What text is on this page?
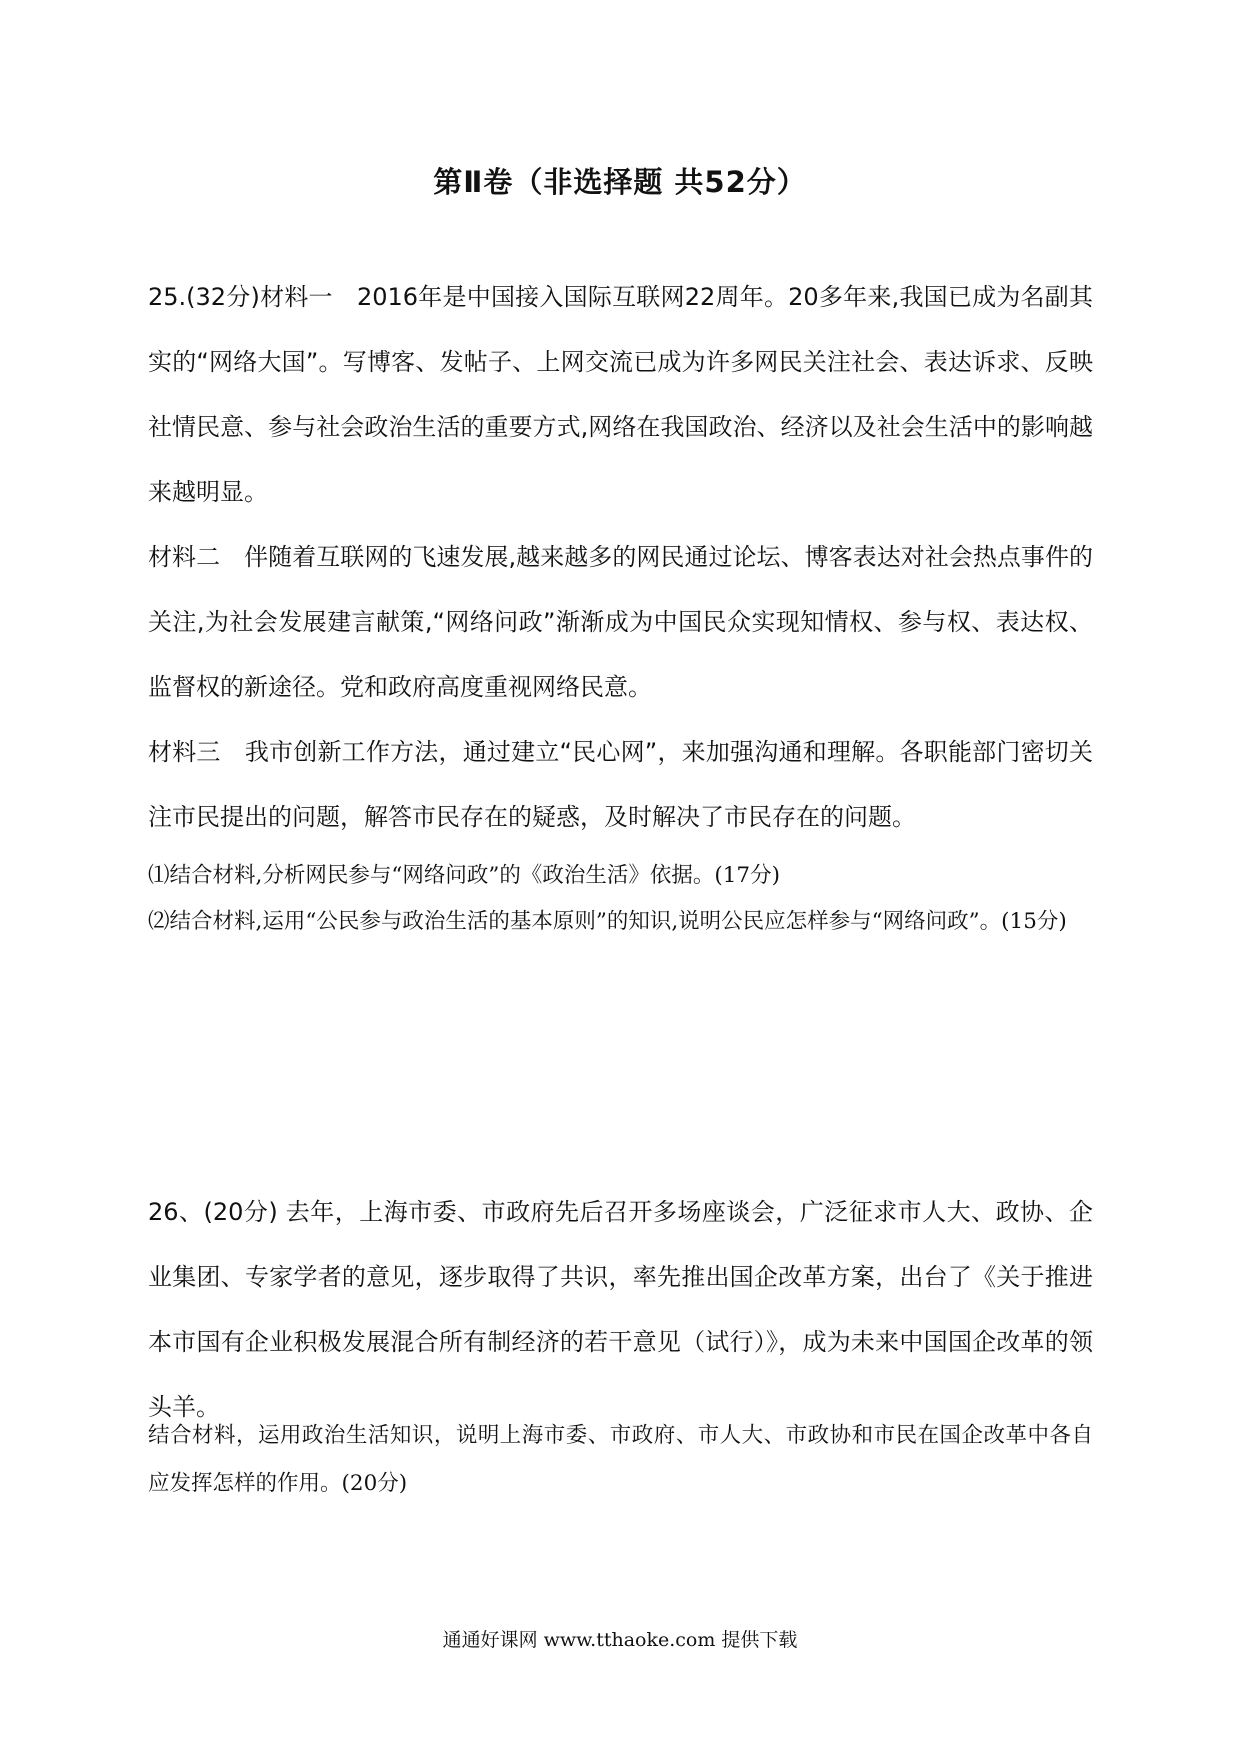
第Ⅱ卷（非选择题 共52分）

25.(32分)材料一　2016年是中国接入国际互联网22周年。20多年来,我国已成为名副其实的“网络大国”。写博客、发帖子、上网交流已成为许多网民关注社会、表达诉求、反映社情民意、参与社会政治生活的重要方式,网络在我国政治、经济以及社会生活中的影响越来越明显。

材料二　伴随着互联网的飞速发展,越来越多的网民通过论坛、博客表达对社会热点事件的关注,为社会发展建言献策,“网络问政”渐渐成为中国民众实现知情权、参与权、表达权、监督权的新途径。党和政府高度重视网络民意。

材料三　我市创新工作方法，通过建立“民心网”，来加强沟通和理解。各职能部门密切关注市民提出的问题，解答市民存在的疑惑，及时解决了市民存在的问题。

⑴结合材料,分析网民参与“网络问政”的《政治生活》依据。(17分)

⑵结合材料,运用“公民参与政治生活的基本原则”的知识,说明公民应怎样参与“网络问政”。(15分)

26、(20分) 去年，上海市委、市政府先后召开多场座谈会，广泛征求市人大、政协、企业集团、专家学者的意见，逐步取得了共识，率先推出国企改革方案，出台了《关于推进本市国有企业积极发展混合所有制经济的若干意见（试行）》，成为未来中国国企改革的领头羊。

结合材料，运用政治生活知识，说明上海市委、市政府、市人大、市政协和市民在国企改革中各自应发挥怎样的作用。(20分)

通通好课网 www.tthaoke.com 提供下载
